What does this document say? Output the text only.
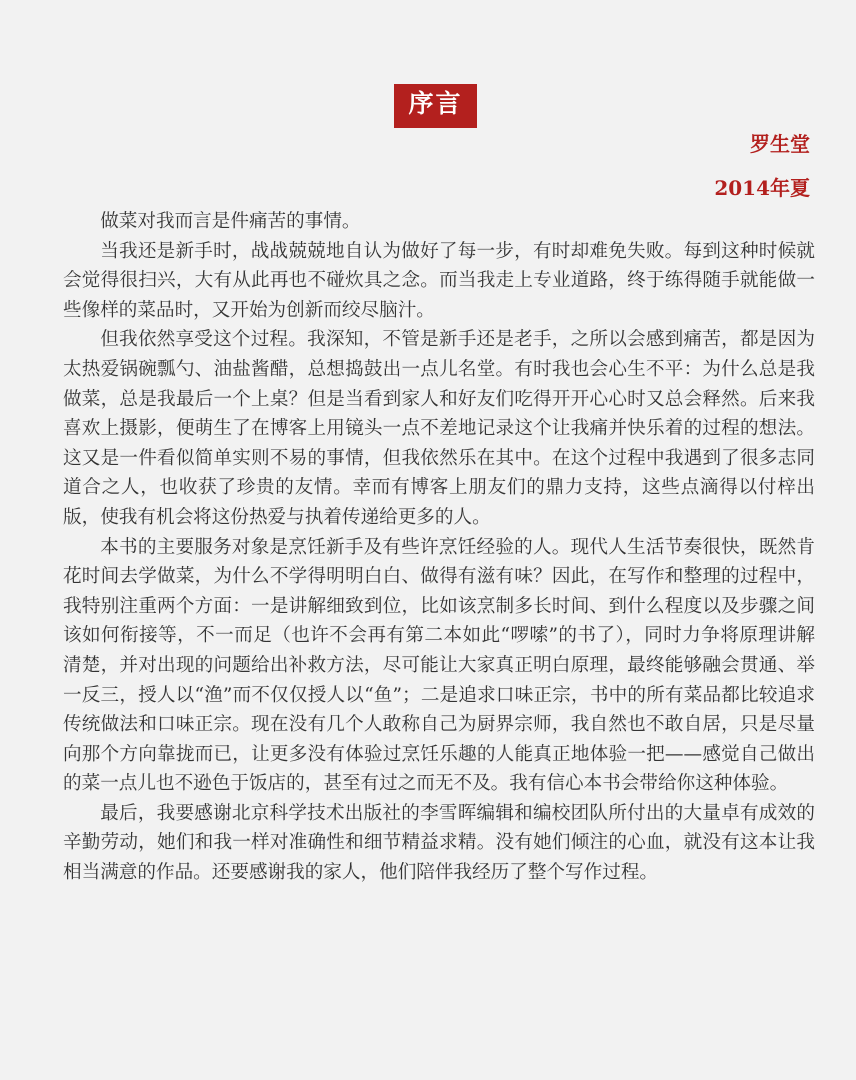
序言
罗生堂
2014年夏

做菜对我而言是件痛苦的事情。

当我还是新手时，战战兢兢地自认为做好了每一步，有时却难免失败。每到这种时候就会觉得很扫兴，大有从此再也不碰炊具之念。而当我走上专业道路，终于练得随手就能做一些像样的菜品时，又开始为创新而绞尽脑汁。

但我依然享受这个过程。我深知，不管是新手还是老手，之所以会感到痛苦，都是因为太热爱锅碗瓢勺、油盐酱醋，总想捣鼓出一点儿名堂。有时我也会心生不平：为什么总是我做菜，总是我最后一个上桌？但是当看到家人和好友们吃得开开心心时又总会释然。后来我喜欢上摄影，便萌生了在博客上用镜头一点不差地记录这个让我痛并快乐着的过程的想法。这又是一件看似简单实则不易的事情，但我依然乐在其中。在这个过程中我遇到了很多志同道合之人，也收获了珍贵的友情。幸而有博客上朋友们的鼎力支持，这些点滴得以付梓出版，使我有机会将这份热爱与执着传递给更多的人。

本书的主要服务对象是烹饪新手及有些许烹饪经验的人。现代人生活节奏很快，既然肯花时间去学做菜，为什么不学得明明白白、做得有滋有味？因此，在写作和整理的过程中，我特别注重两个方面：一是讲解细致到位，比如该烹制多长时间、到什么程度以及步骤之间该如何衔接等，不一而足（也许不会再有第二本如此“啰嗦”的书了），同时力争将原理讲解清楚，并对出现的问题给出补救方法，尽可能让大家真正明白原理，最终能够融会贯通、举一反三，授人以“渔”而不仅仅授人以“鱼”；二是追求口味正宗，书中的所有菜品都比较追求传统做法和口味正宗。现在没有几个人敢称自己为厨界宗师，我自然也不敢自居，只是尽量向那个方向靠拢而已，让更多没有体验过烹饪乐趣的人能真正地体验一把——感觉自己做出的菜一点儿也不逊色于饭店的，甚至有过之而无不及。我有信心本书会带给你这种体验。

最后，我要感谢北京科学技术出版社的李雪晖编辑和编校团队所付出的大量卓有成效的辛勤劳动，她们和我一样对准确性和细节精益求精。没有她们倾注的心血，就没有这本让我相当满意的作品。还要感谢我的家人，他们陪伴我经历了整个写作过程。
